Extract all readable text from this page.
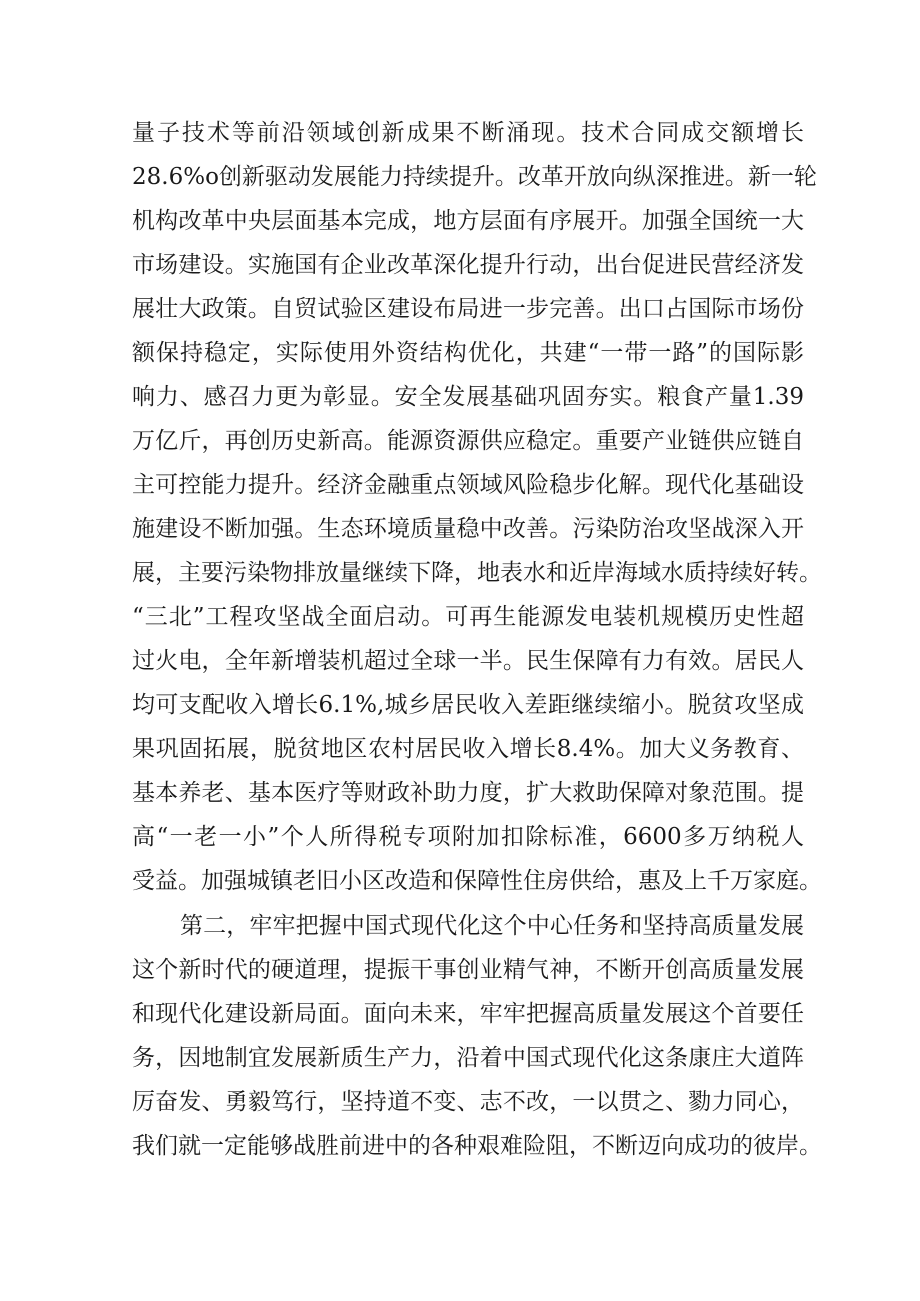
量子技术等前沿领域创新成果不断涌现。技术合同成交额增长
28.6%o创新驱动发展能力持续提升。改革开放向纵深推进。新一轮
机构改革中央层面基本完成，地方层面有序展开。加强全国统一大
市场建设。实施国有企业改革深化提升行动，出台促进民营经济发
展壮大政策。自贸试验区建设布局进一步完善。出口占国际市场份
额保持稳定，实际使用外资结构优化，共建“一带一路”的国际影
响力、感召力更为彰显。安全发展基础巩固夯实。粮食产量1.39
万亿斤，再创历史新高。能源资源供应稳定。重要产业链供应链自
主可控能力提升。经济金融重点领域风险稳步化解。现代化基础设
施建设不断加强。生态环境质量稳中改善。污染防治攻坚战深入开
展，主要污染物排放量继续下降，地表水和近岸海域水质持续好转。
“三北”工程攻坚战全面启动。可再生能源发电装机规模历史性超
过火电，全年新增装机超过全球一半。民生保障有力有效。居民人
均可支配收入增长6.1%,城乡居民收入差距继续缩小。脱贫攻坚成
果巩固拓展，脱贫地区农村居民收入增长8.4%。加大义务教育、
基本养老、基本医疗等财政补助力度，扩大救助保障对象范围。提
高“一老一小”个人所得税专项附加扣除标准，6600多万纳税人
受益。加强城镇老旧小区改造和保障性住房供给，惠及上千万家庭。
第二，牢牢把握中国式现代化这个中心任务和坚持高质量发展
这个新时代的硬道理，提振干事创业精气神，不断开创高质量发展
和现代化建设新局面。面向未来，牢牢把握高质量发展这个首要任
务，因地制宜发展新质生产力，沿着中国式现代化这条康庄大道阵
厉奋发、勇毅笃行，坚持道不变、志不改，一以贯之、勠力同心，
我们就一定能够战胜前进中的各种艰难险阻，不断迈向成功的彼岸。
